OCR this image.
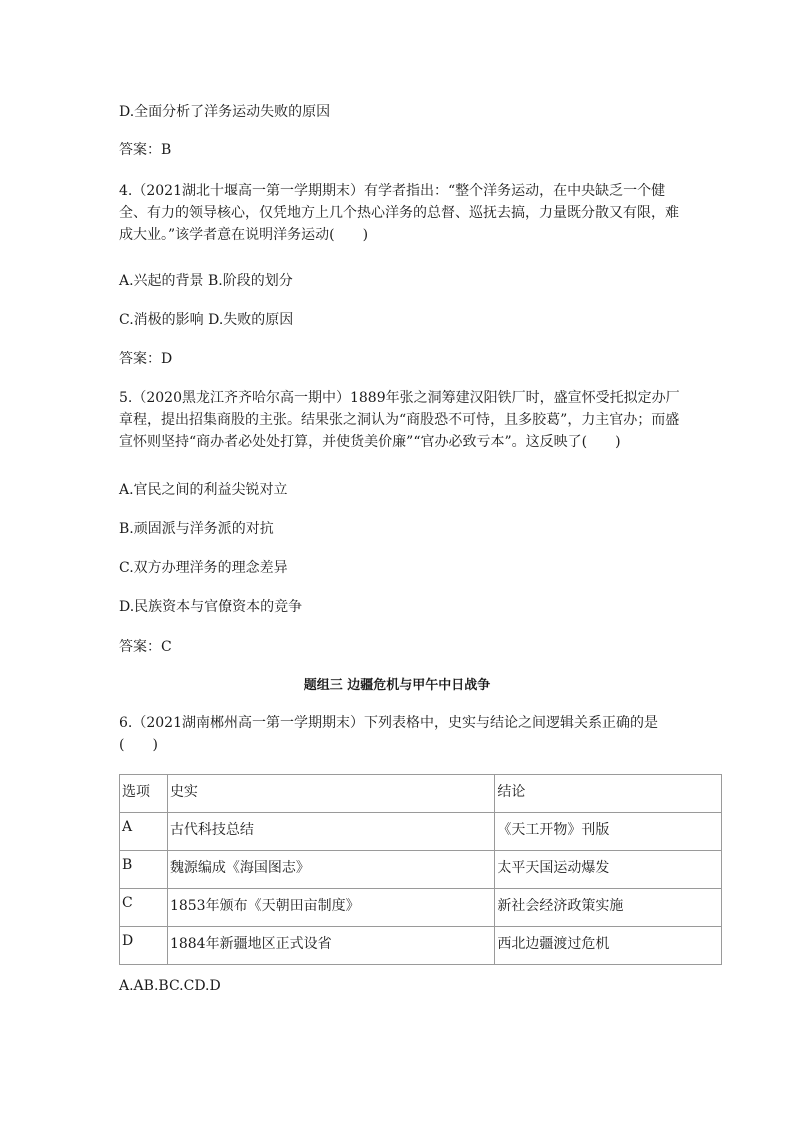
D.全面分析了洋务运动失败的原因

答案：B

4.（2021湖北十堰高一第一学期期末）有学者指出：“整个洋务运动，在中央缺乏一个健全、有力的领导核心，仅凭地方上几个热心洋务的总督、巡抚去搞，力量既分散又有限，难成大业。”该学者意在说明洋务运动(　　)

A.兴起的背景 B.阶段的划分

C.消极的影响 D.失败的原因

答案：D

5.（2020黑龙江齐齐哈尔高一期中）1889年张之洞筹建汉阳铁厂时，盛宣怀受托拟定办厂章程，提出招集商股的主张。结果张之洞认为“商股恐不可恃，且多胶葛”，力主官办；而盛宣怀则坚持“商办者必处处打算，并使货美价廉”“官办必致亏本”。这反映了(　　)

A.官民之间的利益尖锐对立

B.顽固派与洋务派的对抗

C.双方办理洋务的理念差异

D.民族资本与官僚资本的竞争

答案：C

题组三 边疆危机与甲午中日战争

6.（2021湖南郴州高一第一学期期末）下列表格中，史实与结论之间逻辑关系正确的是(　　)

选项	史实	结论
A	古代科技总结	《天工开物》刊版
B	魏源编成《海国图志》	太平天国运动爆发
C	1853年颁布《天朝田亩制度》	新社会经济政策实施
D	1884年新疆地区正式设省	西北边疆渡过危机

A.AB.BC.CD.D
